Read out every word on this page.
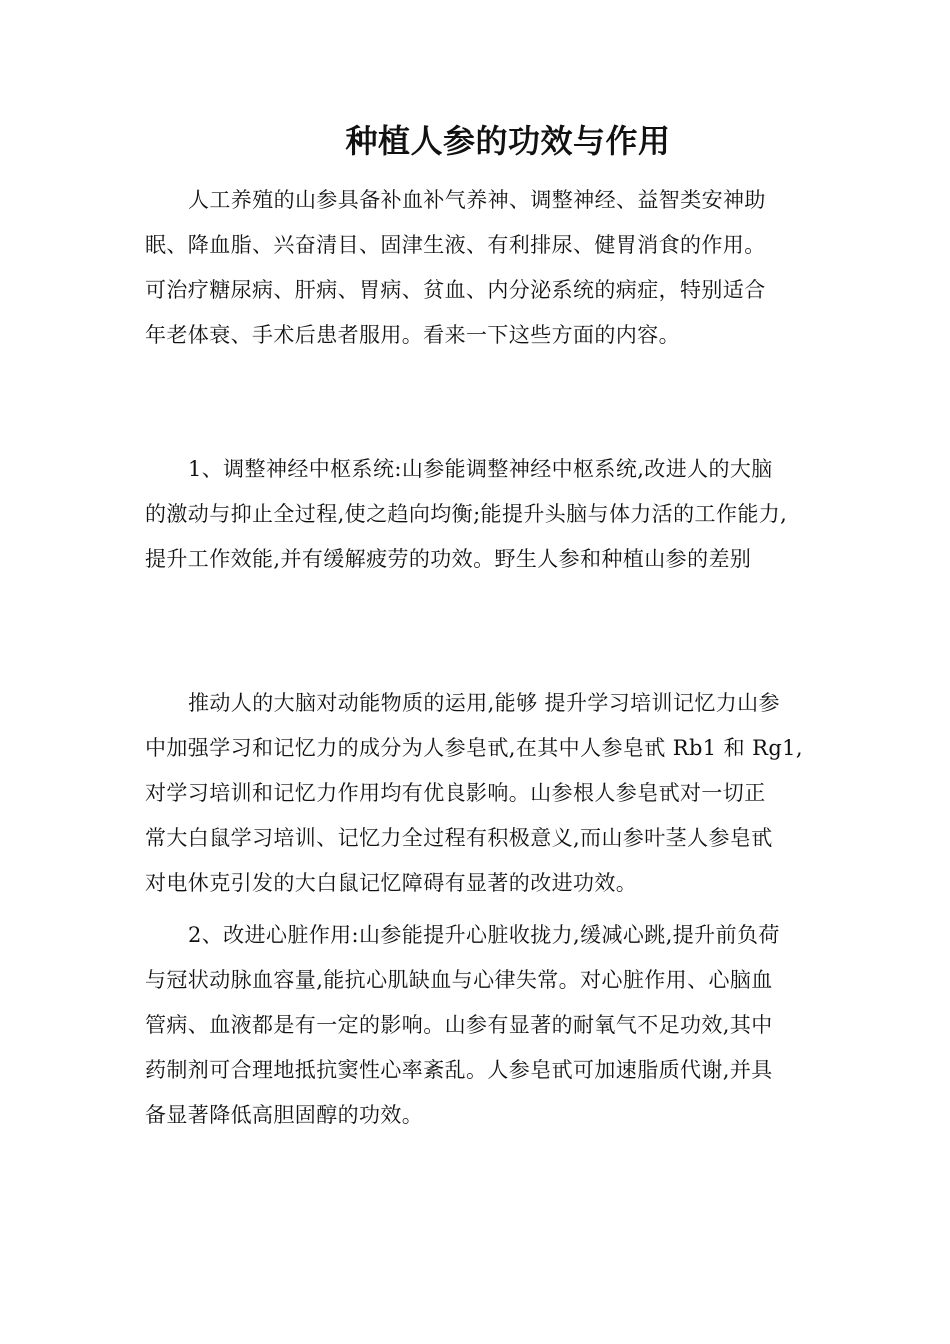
种植人参的功效与作用
人工养殖的山参具备补血补气养神、调整神经、益智类安神助
眠、降血脂、兴奋清目、固津生液、有利排尿、健胃消食的作用。
可治疗糖尿病、肝病、胃病、贫血、内分泌系统的病症，特别适合
年老体衰、手术后患者服用。看来一下这些方面的内容。
1、调整神经中枢系统:山参能调整神经中枢系统,改进人的大脑
的激动与抑止全过程,使之趋向均衡;能提升头脑与体力活的工作能力,
提升工作效能,并有缓解疲劳的功效。野生人参和种植山参的差别
推动人的大脑对动能物质的运用,能够 提升学习培训记忆力山参
中加强学习和记忆力的成分为人参皂甙,在其中人参皂甙 Rb1 和 Rg1,
对学习培训和记忆力作用均有优良影响。山参根人参皂甙对一切正
常大白鼠学习培训、记忆力全过程有积极意义,而山参叶茎人参皂甙
对电休克引发的大白鼠记忆障碍有显著的改进功效。
2、改进心脏作用:山参能提升心脏收拢力,缓减心跳,提升前负荷
与冠状动脉血容量,能抗心肌缺血与心律失常。对心脏作用、心脑血
管病、血液都是有一定的影响。山参有显著的耐氧气不足功效,其中
药制剂可合理地抵抗窦性心率紊乱。人参皂甙可加速脂质代谢,并具
备显著降低高胆固醇的功效。
